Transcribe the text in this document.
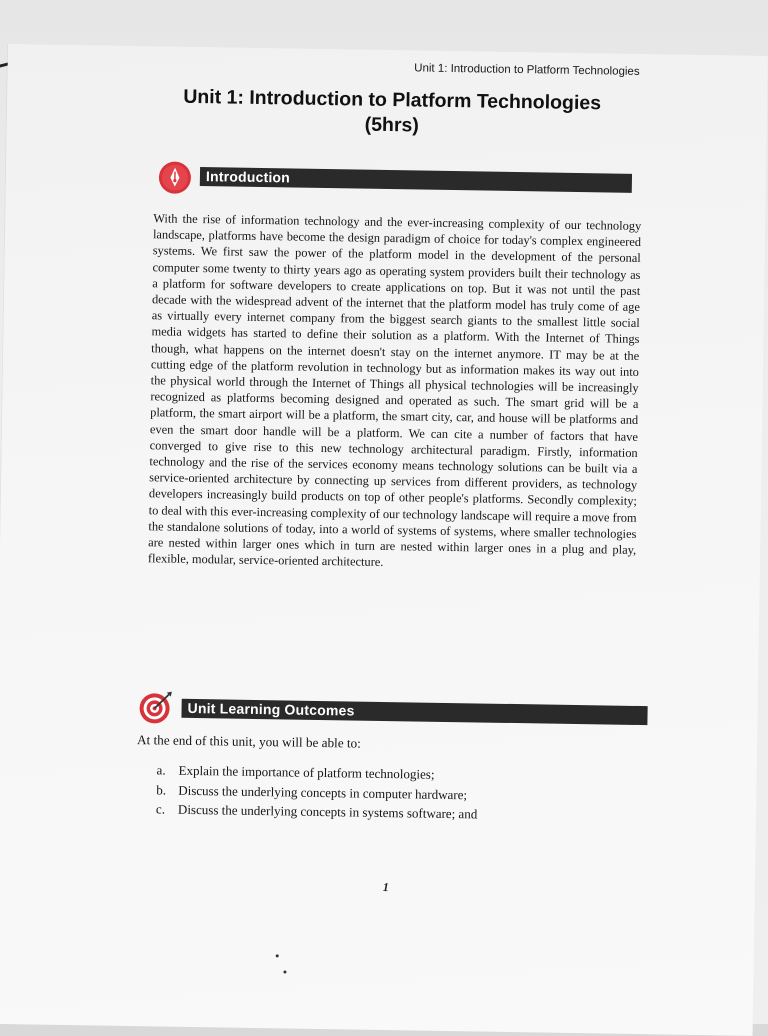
Unit 1: Introduction to Platform Technologies
Unit 1: Introduction to Platform Technologies
(5hrs)
Introduction

With the rise of information technology and the ever-increasing complexity of our technology landscape, platforms have become the design paradigm of choice for today's complex engineered systems. We first saw the power of the platform model in the development of the personal computer some twenty to thirty years ago as operating system providers built their technology as a platform for software developers to create applications on top. But it was not until the past decade with the widespread advent of the internet that the platform model has truly come of age as virtually every internet company from the biggest search giants to the smallest little social media widgets has started to define their solution as a platform. With the Internet of Things though, what happens on the internet doesn't stay on the internet anymore. IT may be at the cutting edge of the platform revolution in technology but as information makes its way out into the physical world through the Internet of Things all physical technologies will be increasingly recognized as platforms becoming designed and operated as such. The smart grid will be a platform, the smart airport will be a platform, the smart city, car, and house will be platforms and even the smart door handle will be a platform. We can cite a number of factors that have converged to give rise to this new technology architectural paradigm. Firstly, information technology and the rise of the services economy means technology solutions can be built via a service-oriented architecture by connecting up services from different providers, as technology developers increasingly build products on top of other people's platforms. Secondly complexity; to deal with this ever-increasing complexity of our technology landscape will require a move from the standalone solutions of today, into a world of systems of systems, where smaller technologies are nested within larger ones which in turn are nested within larger ones in a plug and play, flexible, modular, service-oriented architecture.

Unit Learning Outcomes

At the end of this unit, you will be able to:

a. Explain the importance of platform technologies;
b. Discuss the underlying concepts in computer hardware;
c. Discuss the underlying concepts in systems software; and
1
